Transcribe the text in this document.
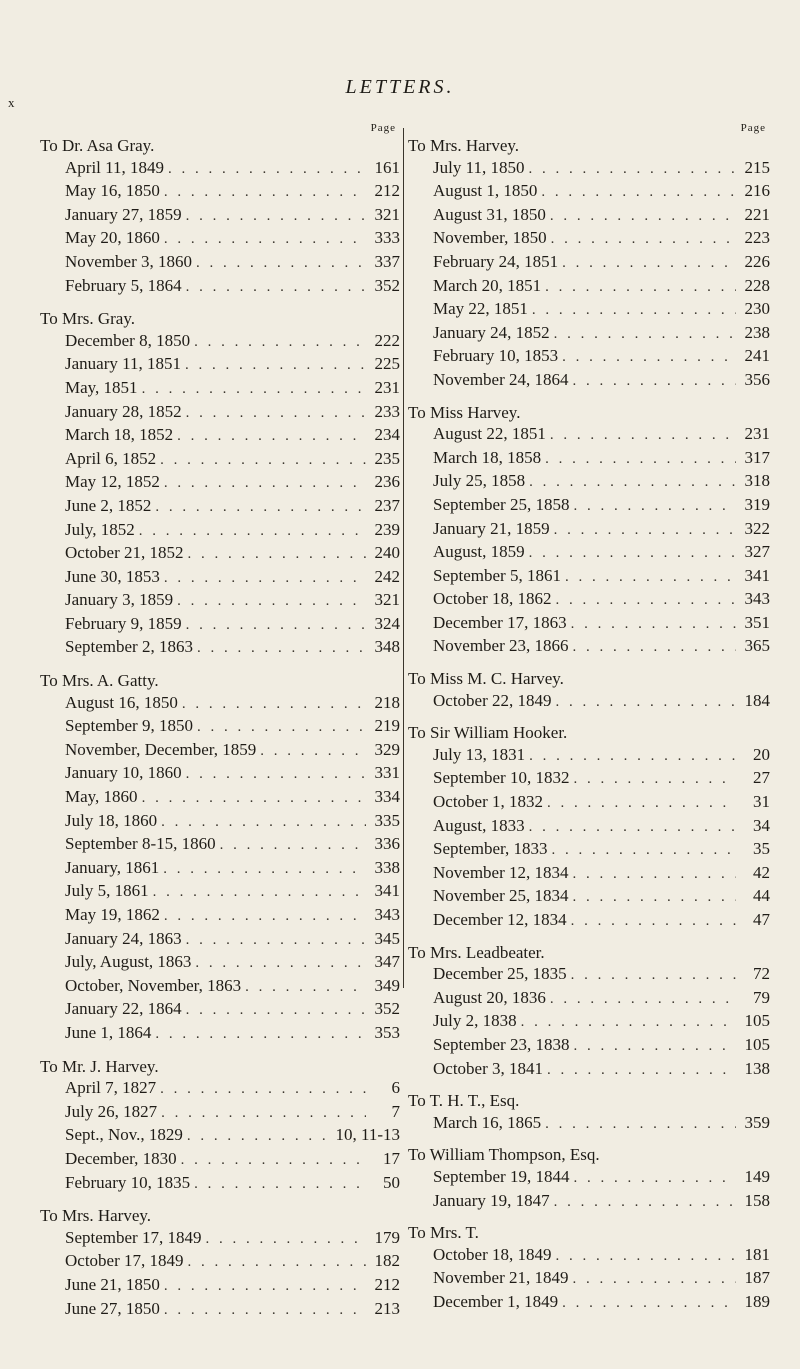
x
LETTERS.
Page
To Dr. Asa Gray.
April 11, 1849 . . .	161
May 16, 1850 . . .	212
January 27, 1859 . . .	321
May 20, 1860 . . .	333
November 3, 1860 . . .	337
February 5, 1864 . . .	352
To Mrs. Gray.
December 8, 1850 . . .	222
January 11, 1851 . . .	225
May, 1851 . . .	231
January 28, 1852 . . .	233
March 18, 1852 . . .	234
April 6, 1852 . . .	235
May 12, 1852 . . .	236
June 2, 1852 . . .	237
July, 1852 . . .	239
October 21, 1852 . . .	240
June 30, 1853 . . .	242
January 3, 1859 . . .	321
February 9, 1859 . . .	324
September 2, 1863 . . .	348
To Mrs. A. Gatty.
August 16, 1850 . . .	218
September 9, 1850 . . .	219
November, December, 1859 . . .	329
January 10, 1860 . . .	331
May, 1860 . . .	334
July 18, 1860 . . .	335
September 8-15, 1860 . . .	336
January, 1861 . . .	338
July 5, 1861 . . .	341
May 19, 1862 . . .	343
January 24, 1863 . . .	345
July, August, 1863 . . .	347
October, November, 1863 . . .	349
January 22, 1864 . . .	352
June 1, 1864 . . .	353
To Mr. J. Harvey.
April 7, 1827 . . .	6
July 26, 1827 . . .	7
Sept., Nov., 1829 . . .	10, 11-13
December, 1830 . . .	17
February 10, 1835 . . .	50
To Mrs. Harvey.
September 17, 1849 . . .	179
October 17, 1849 . . .	182
June 21, 1850 . . .	212
June 27, 1850 . . .	213
Page
To Mrs. Harvey.
July 11, 1850 . . .	215
August 1, 1850 . . .	216
August 31, 1850 . . .	221
November, 1850 . . .	223
February 24, 1851 . . .	226
March 20, 1851 . . .	228
May 22, 1851 . . .	230
January 24, 1852 . . .	238
February 10, 1853 . . .	241
November 24, 1864 . . .	356
To Miss Harvey.
August 22, 1851 . . .	231
March 18, 1858 . . .	317
July 25, 1858 . . .	318
September 25, 1858 . . .	319
January 21, 1859 . . .	322
August, 1859 . . .	327
September 5, 1861 . . .	341
October 18, 1862 . . .	343
December 17, 1863 . . .	351
November 23, 1866 . . .	365
To Miss M. C. Harvey.
October 22, 1849 . . .	184
To Sir William Hooker.
July 13, 1831 . . .	20
September 10, 1832 . . .	27
October 1, 1832 . . .	31
August, 1833 . . .	34
September, 1833 . . .	35
November 12, 1834 . . .	42
November 25, 1834 . . .	44
December 12, 1834 . . .	47
To Mrs. Leadbeater.
December 25, 1835 . . .	72
August 20, 1836 . . .	79
July 2, 1838 . . .	105
September 23, 1838 . . .	105
October 3, 1841 . . .	138
To T. H. T., Esq.
March 16, 1865 . . .	359
To William Thompson, Esq.
September 19, 1844 . . .	149
January 19, 1847 . . .	158
To Mrs. T.
October 18, 1849 . . .	181
November 21, 1849 . . .	187
December 1, 1849 . . .	189
